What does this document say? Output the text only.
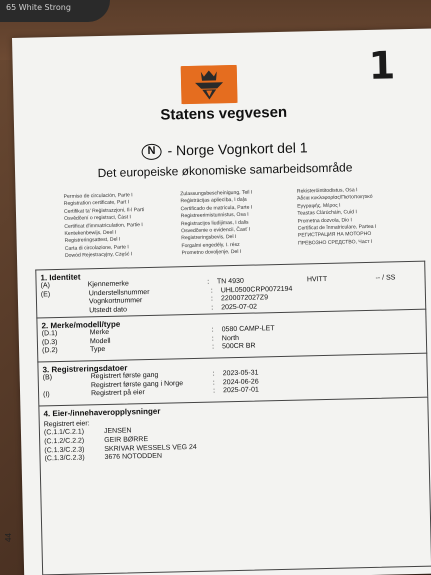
65 White Strong
1
Statens vegvesen
N - Norge Vognkort del 1
Det europeiske økonomiske samarbeidsområde
Permiso de circulación, Parte I
Registration certificate, Part I
Certifikat ta' Reġistrazzjoni, Il-l Parti
Osvědčení o registraci, Část I
Certificat d'immatriculation, Partie I
Kentekenbewijs, Deel I
Registreringsattest, Del I
Carta di circolazione, Parte I
Dowód Rejestracyjny, Część I
Zulassungsbescheinigung, Teil I
Reģistrācijas apliecība, I daļa
Certificado de matrícula, Parte I
Registreerimistunnistus, Osa I
Registracijos liudijimas, I dalis
Osvedčenie o evidencii, Časť I
Registreringsbevis, Del I
Forgalmi engedély, I. rész
Prometno dovoljenje, Del I
Rekisteröintitodistus, Osa I
Άδεια κυκλοφορίας/Πιστοποιητικό
Εγγραφής, Μέρος I
Teastas Clárúcháin, Cuid I
Prometna dozvola, Dio I
Certificat de înmatriculare, Partea I
РЕГИСТРАЦИЯ НА МОТОРНО
ПРЕВОЗНО СРЕДСТВО, Част I
1. Identitet
(A)	Kjennemerke	:	TN 4930	HVITT	-- / SS
(E)	Understellsnummer	:	UHL0500CRP0072194
Vognkortnummer	:	2200072027Z9
Utstedt dato	:	2025-07-02
2. Merke/modell/type
(D.1)	Merke	:	0580 CAMP-LET
(D.3)	Modell	:	North
(D.2)	Type	:	500CR BR
3. Registreringsdatoer
(B)	Registrert første gang	:	2023-05-31
Registrert første gang i Norge	:	2024-06-26
(I)	Registrert på eier	:	2025-07-01
4. Eier-/innehaveropplysninger
Registrert eier:
(C.1.1/C.2.1)	JENSEN
(C.1.2/C.2.2)	GEIR BØRRE
(C.1.3/C.2.3)	SKRIVAR WESSELS VEG 24
(C.1.3/C.2.3)	3676 NOTODDEN
44
